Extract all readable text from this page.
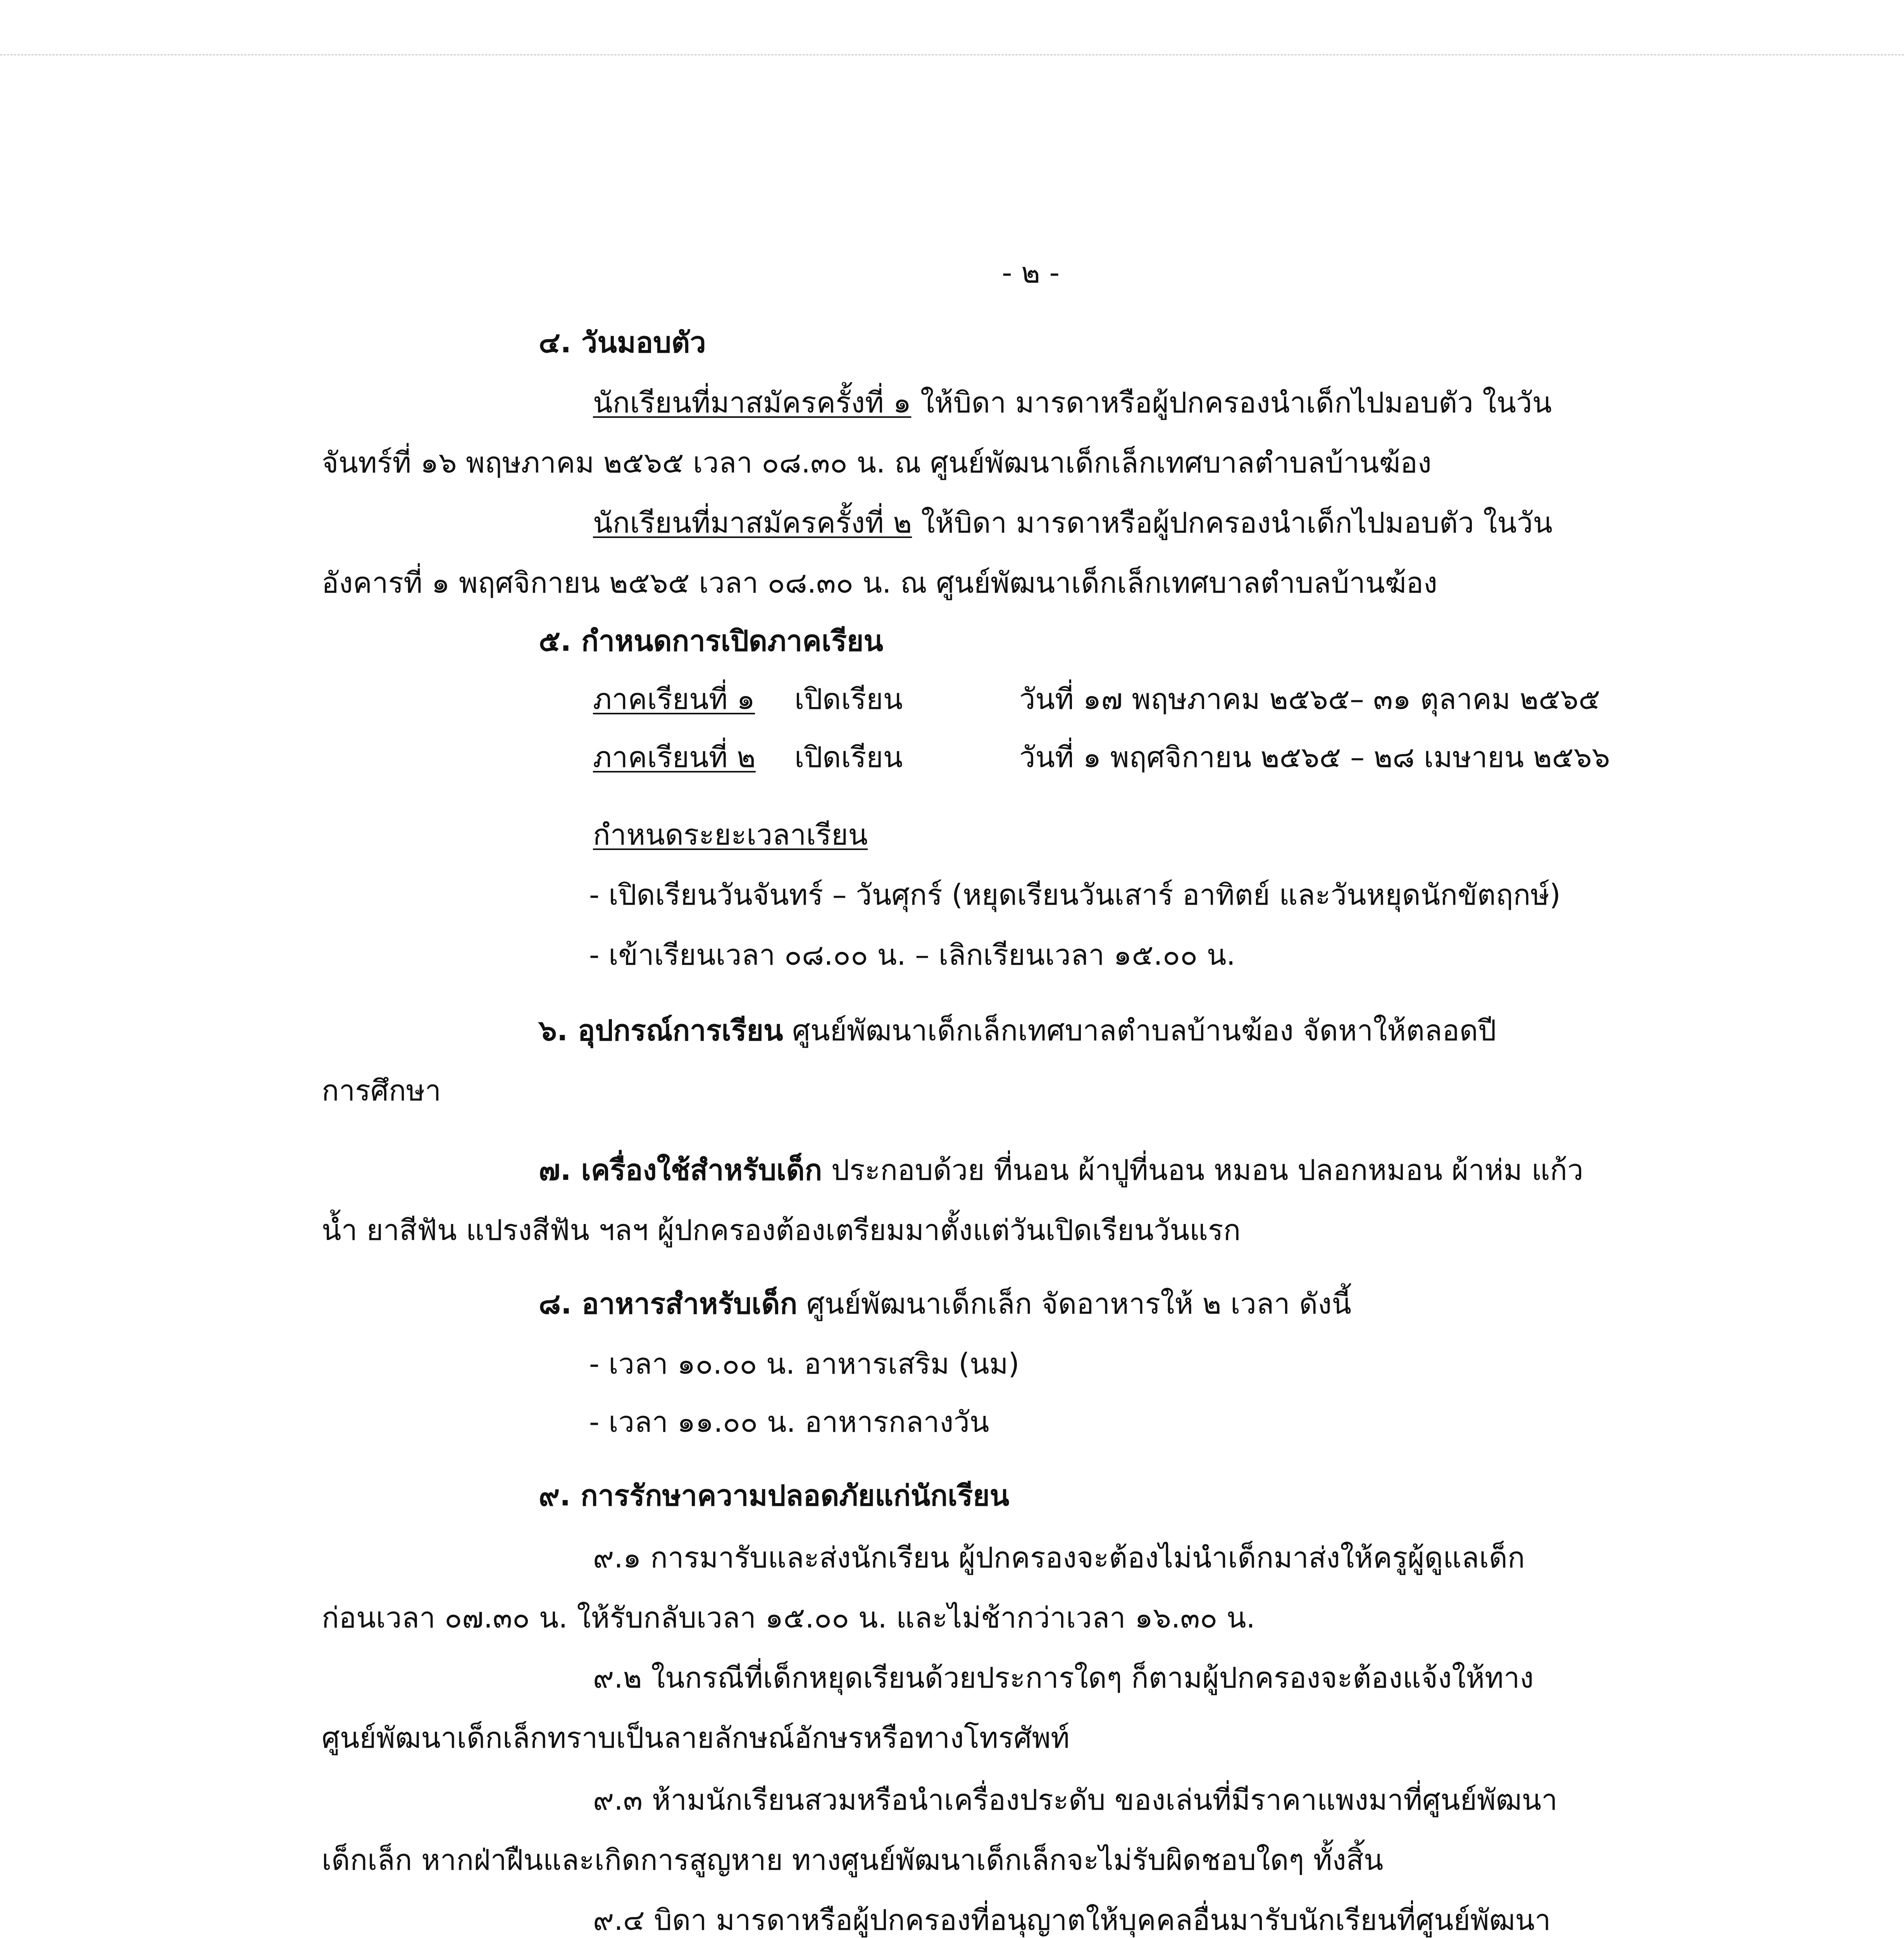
- ๒ -
๔. วันมอบตัว
นักเรียนที่มาสมัครครั้งที่ ๑ ให้บิดา มารดาหรือผู้ปกครองนำเด็กไปมอบตัว ในวัน
จันทร์ที่ ๑๖ พฤษภาคม ๒๕๖๕ เวลา ๐๘.๓๐ น. ณ ศูนย์พัฒนาเด็กเล็กเทศบาลตำบลบ้านฆ้อง
นักเรียนที่มาสมัครครั้งที่ ๒ ให้บิดา มารดาหรือผู้ปกครองนำเด็กไปมอบตัว ในวัน
อังคารที่ ๑ พฤศจิกายน ๒๕๖๕ เวลา ๐๘.๓๐ น. ณ ศูนย์พัฒนาเด็กเล็กเทศบาลตำบลบ้านฆ้อง
๕. กำหนดการเปิดภาคเรียน
ภาคเรียนที่ ๑ เปิดเรียน	วันที่ ๑๗ พฤษภาคม ๒๕๖๕– ๓๑ ตุลาคม ๒๕๖๕
ภาคเรียนที่ ๒ เปิดเรียน	วันที่ ๑ พฤศจิกายน ๒๕๖๕ – ๒๘ เมษายน ๒๕๖๖
กำหนดระยะเวลาเรียน
- เปิดเรียนวันจันทร์ – วันศุกร์ (หยุดเรียนวันเสาร์ อาทิตย์ และวันหยุดนักขัตฤกษ์)
- เข้าเรียนเวลา ๐๘.๐๐ น. – เลิกเรียนเวลา ๑๕.๐๐ น.
๖. อุปกรณ์การเรียน ศูนย์พัฒนาเด็กเล็กเทศบาลตำบลบ้านฆ้อง จัดหาให้ตลอดปี
การศึกษา
๗. เครื่องใช้สำหรับเด็ก ประกอบด้วย ที่นอน ผ้าปูที่นอน หมอน ปลอกหมอน ผ้าห่ม แก้ว
น้ำ ยาสีฟัน แปรงสีฟัน ฯลฯ ผู้ปกครองต้องเตรียมมาตั้งแต่วันเปิดเรียนวันแรก
๘. อาหารสำหรับเด็ก ศูนย์พัฒนาเด็กเล็ก จัดอาหารให้ ๒ เวลา ดังนี้
- เวลา ๑๐.๐๐ น. อาหารเสริม (นม)
- เวลา ๑๑.๐๐ น. อาหารกลางวัน
๙. การรักษาความปลอดภัยแก่นักเรียน
๙.๑ การมารับและส่งนักเรียน ผู้ปกครองจะต้องไม่นำเด็กมาส่งให้ครูผู้ดูแลเด็ก
ก่อนเวลา ๐๗.๓๐ น. ให้รับกลับเวลา ๑๕.๐๐ น. และไม่ช้ากว่าเวลา ๑๖.๓๐ น.
๙.๒ ในกรณีที่เด็กหยุดเรียนด้วยประการใดๆ ก็ตามผู้ปกครองจะต้องแจ้งให้ทาง
ศูนย์พัฒนาเด็กเล็กทราบเป็นลายลักษณ์อักษรหรือทางโทรศัพท์
๙.๓ ห้ามนักเรียนสวมหรือนำเครื่องประดับ ของเล่นที่มีราคาแพงมาที่ศูนย์พัฒนา
เด็กเล็ก หากฝ่าฝืนและเกิดการสูญหาย ทางศูนย์พัฒนาเด็กเล็กจะไม่รับผิดชอบใดๆ ทั้งสิ้น
๙.๔ บิดา มารดาหรือผู้ปกครองที่อนุญาตให้บุคคลอื่นมารับนักเรียนที่ศูนย์พัฒนา
